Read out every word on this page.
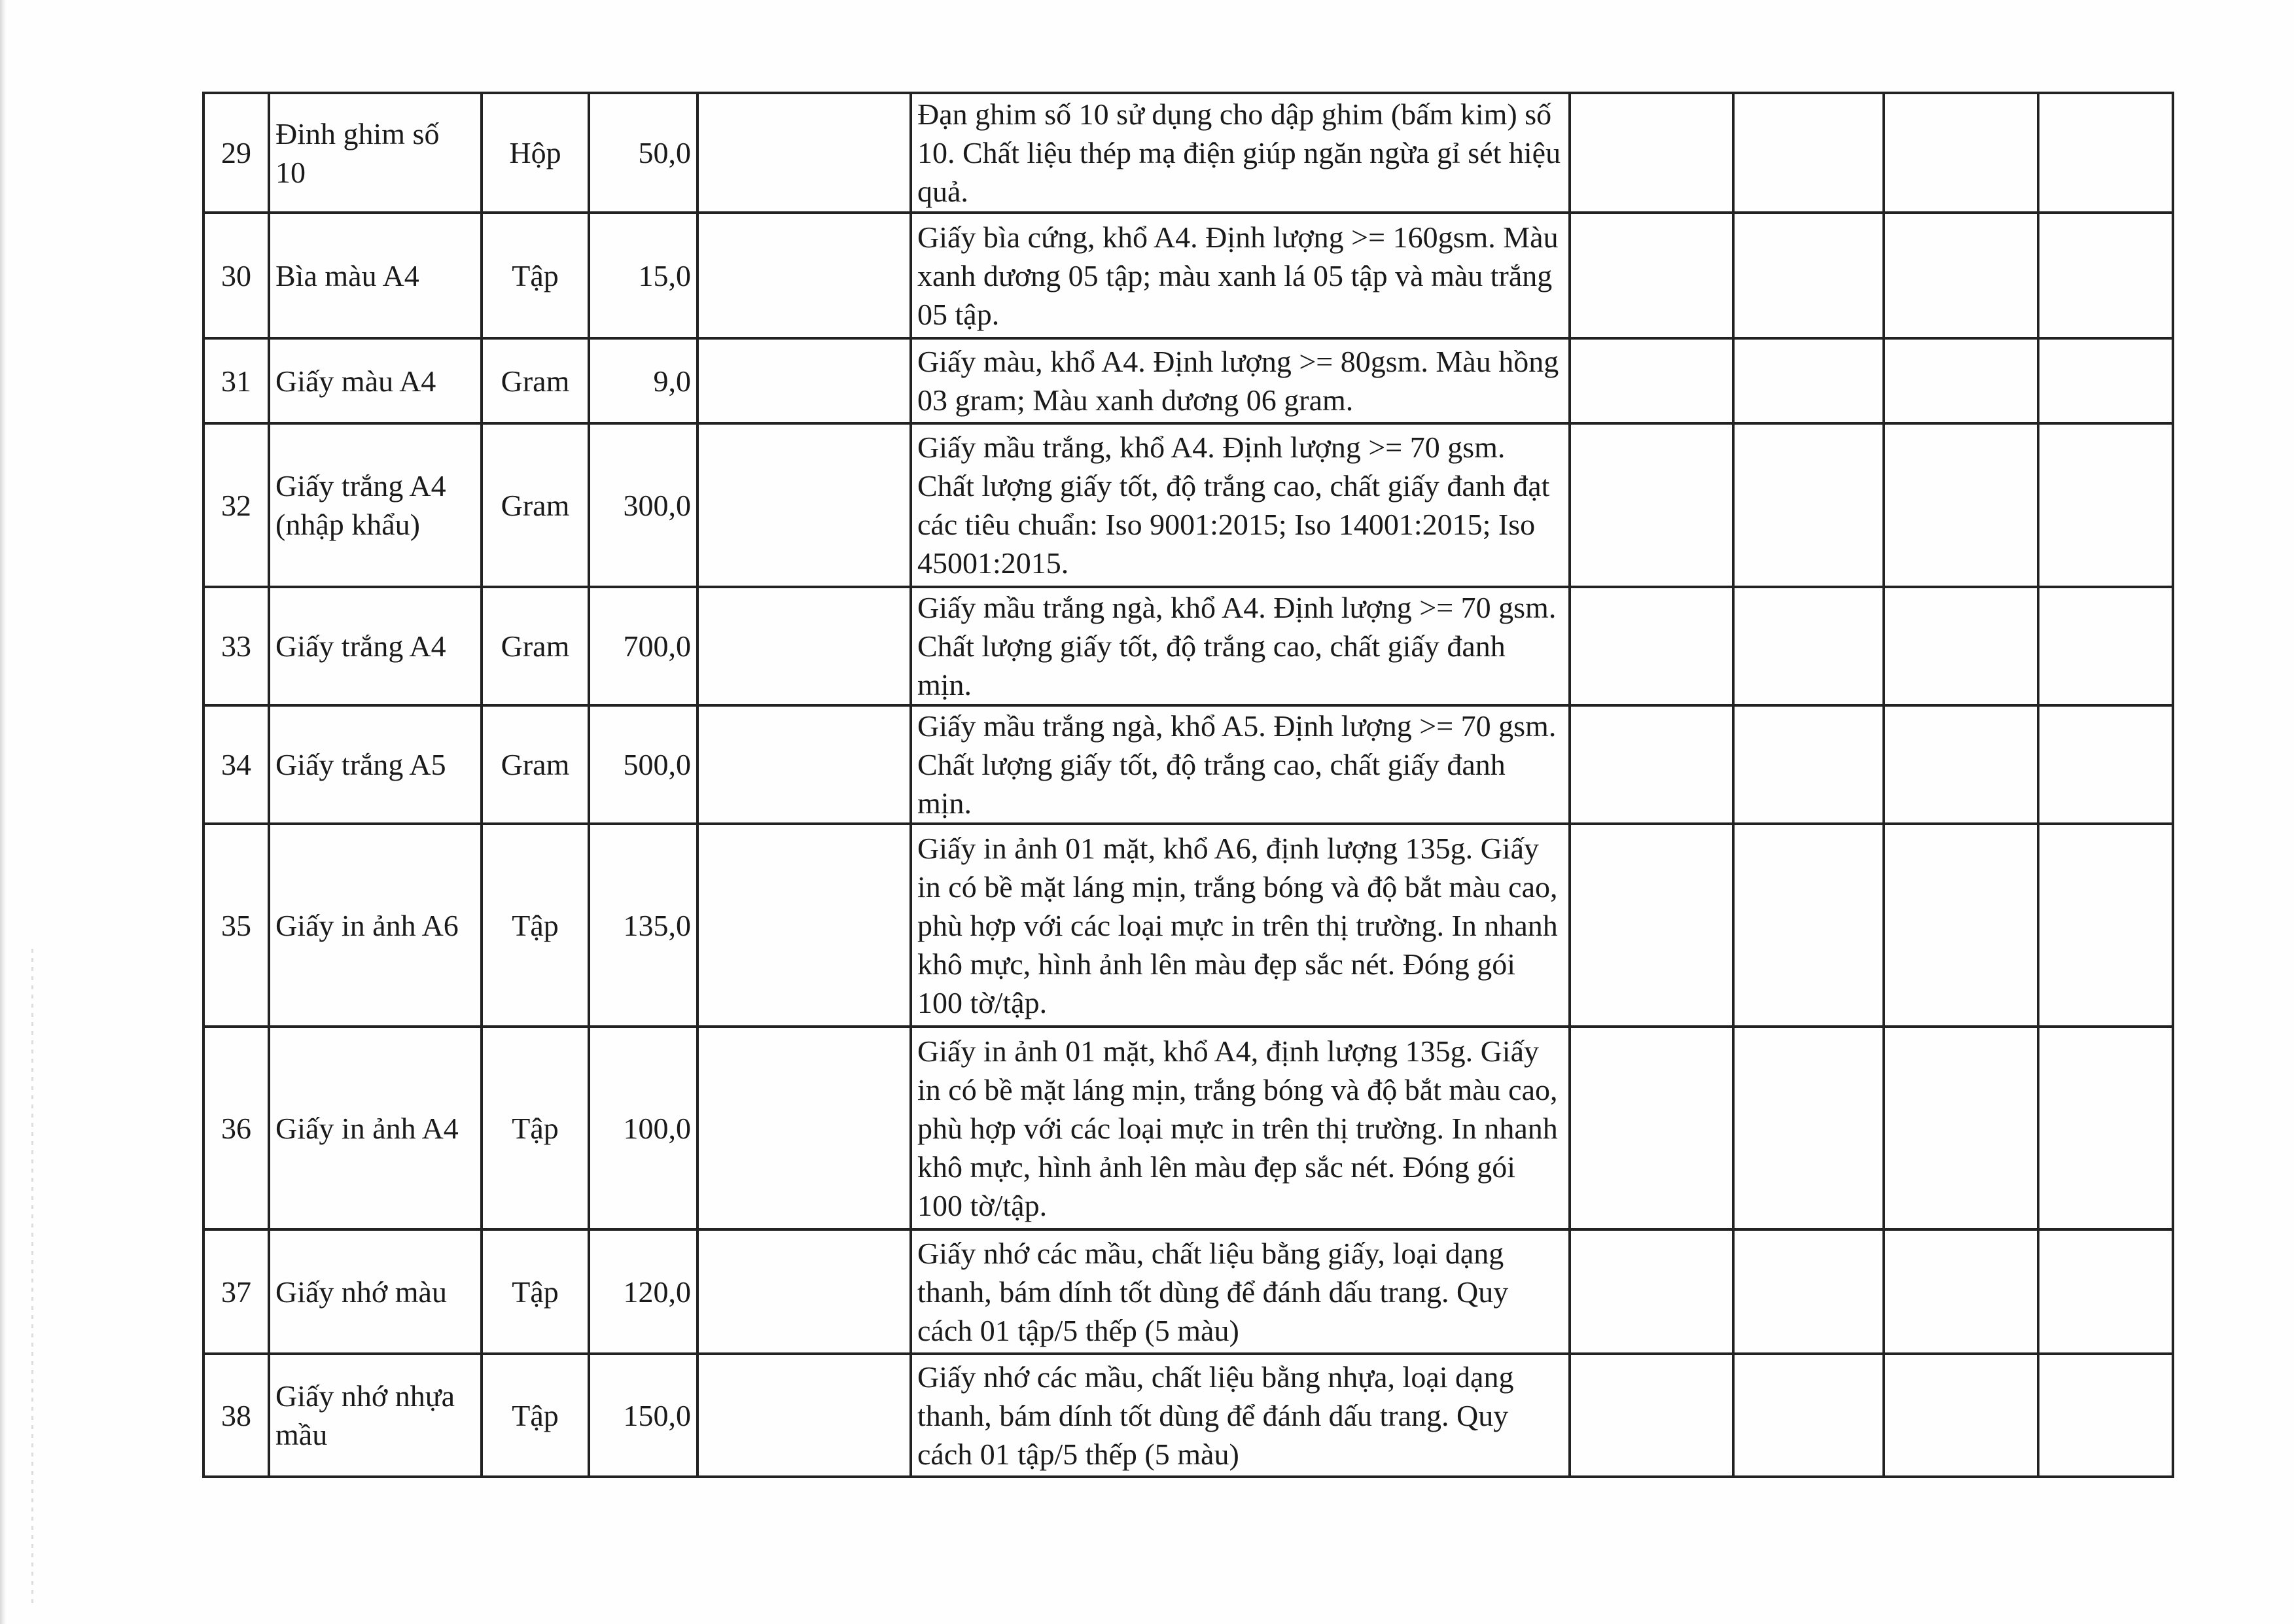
29	Đinh ghim số 10	Hộp	50,0		Đạn ghim số 10 sử dụng cho dập ghim (bấm kim) số 10. Chất liệu thép mạ điện giúp ngăn ngừa gỉ sét hiệu quả.				
30	Bìa màu A4	Tập	15,0		Giấy bìa cứng, khổ A4. Định lượng >= 160gsm. Màu xanh dương 05 tập; màu xanh lá 05 tập và màu trắng 05 tập.				
31	Giấy màu A4	Gram	9,0		Giấy màu, khổ A4. Định lượng >= 80gsm. Màu hồng 03 gram; Màu xanh dương 06 gram.				
32	Giấy trắng A4 (nhập khẩu)	Gram	300,0		Giấy mầu trắng, khổ A4. Định lượng >= 70 gsm. Chất lượng giấy tốt, độ trắng cao, chất giấy đanh đạt các tiêu chuẩn: Iso 9001:2015; Iso 14001:2015; Iso 45001:2015.				
33	Giấy trắng A4	Gram	700,0		Giấy mầu trắng ngà, khổ A4. Định lượng >= 70 gsm. Chất lượng giấy tốt, độ trắng cao, chất giấy đanh mịn.				
34	Giấy trắng A5	Gram	500,0		Giấy mầu trắng ngà, khổ A5. Định lượng >= 70 gsm. Chất lượng giấy tốt, độ trắng cao, chất giấy đanh mịn.				
35	Giấy in ảnh A6	Tập	135,0		Giấy in ảnh 01 mặt, khổ A6, định lượng 135g. Giấy in có bề mặt láng mịn, trắng bóng và độ bắt màu cao, phù hợp với các loại mực in trên thị trường. In nhanh khô mực, hình ảnh lên màu đẹp sắc nét. Đóng gói 100 tờ/tập.				
36	Giấy in ảnh A4	Tập	100,0		Giấy in ảnh 01 mặt, khổ A4, định lượng 135g. Giấy in có bề mặt láng mịn, trắng bóng và độ bắt màu cao, phù hợp với các loại mực in trên thị trường. In nhanh khô mực, hình ảnh lên màu đẹp sắc nét. Đóng gói 100 tờ/tập.				
37	Giấy nhớ màu	Tập	120,0		Giấy nhớ các mầu, chất liệu bằng giấy, loại dạng thanh, bám dính tốt dùng để đánh dấu trang. Quy cách 01 tập/5 thếp (5 màu)				
38	Giấy nhớ nhựa mầu	Tập	150,0		Giấy nhớ các mầu, chất liệu bằng nhựa, loại dạng thanh, bám dính tốt dùng để đánh dấu trang. Quy cách 01 tập/5 thếp (5 màu)				
